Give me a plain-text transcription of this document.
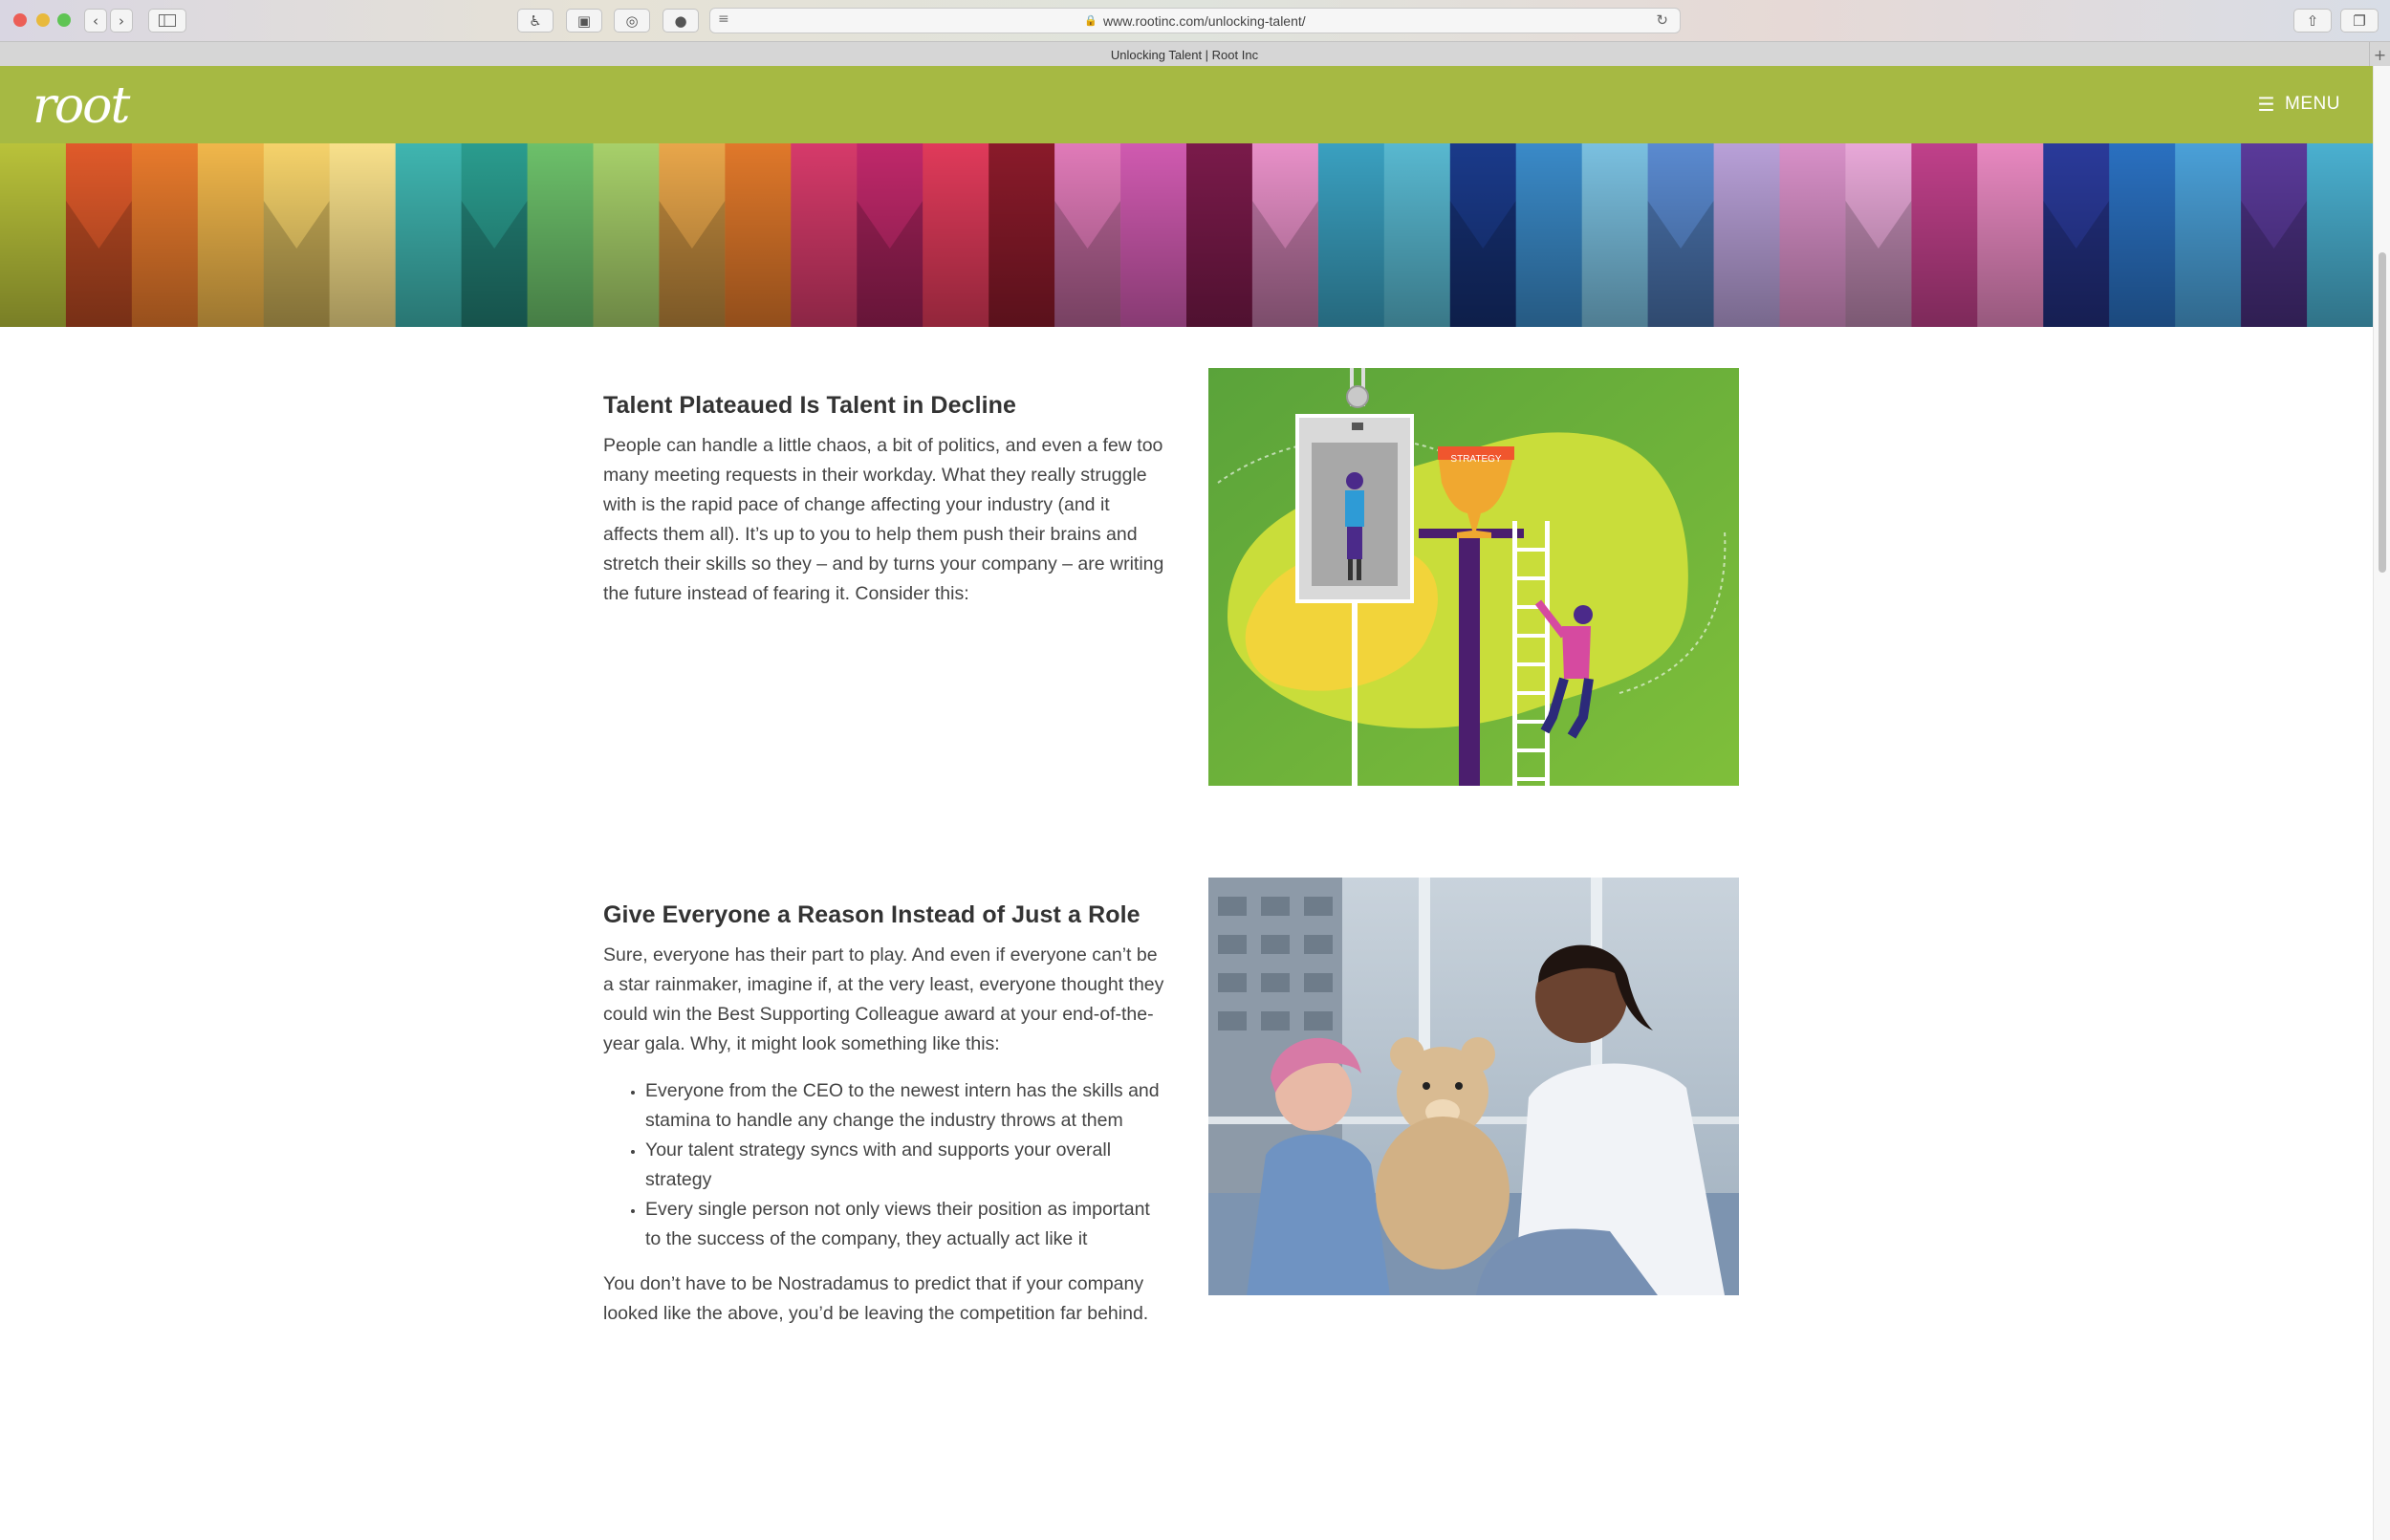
‹ ›	♿ ▣ ◎	● ≡	🔒 www.rootinc.com/unlocking-talent/	↻	⇧ ❐
Unlocking Talent | Root Inc	+
root	☰ MENU
Talent Plateaued Is Talent in Decline

People can handle a little chaos, a bit of politics, and even a few too many meeting requests in their workday. What they really struggle with is the rapid pace of change affecting your industry (and it affects them all). It’s up to you to help them push their brains and stretch their skills so they – and by turns your company – are writing the future instead of fearing it. Consider this:

STRATEGY
Give Everyone a Reason Instead of Just a Role

Sure, everyone has their part to play. And even if everyone can’t be a star rainmaker, imagine if, at the very least, everyone thought they could win the Best Supporting Colleague award at your end-of-the-year gala. Why, it might look something like this:

• Everyone from the CEO to the newest intern has the skills and stamina to handle any change the industry throws at them
• Your talent strategy syncs with and supports your overall strategy
• Every single person not only views their position as important to the success of the company, they actually act like it

You don’t have to be Nostradamus to predict that if your company looked like the above, you’d be leaving the competition far behind.
